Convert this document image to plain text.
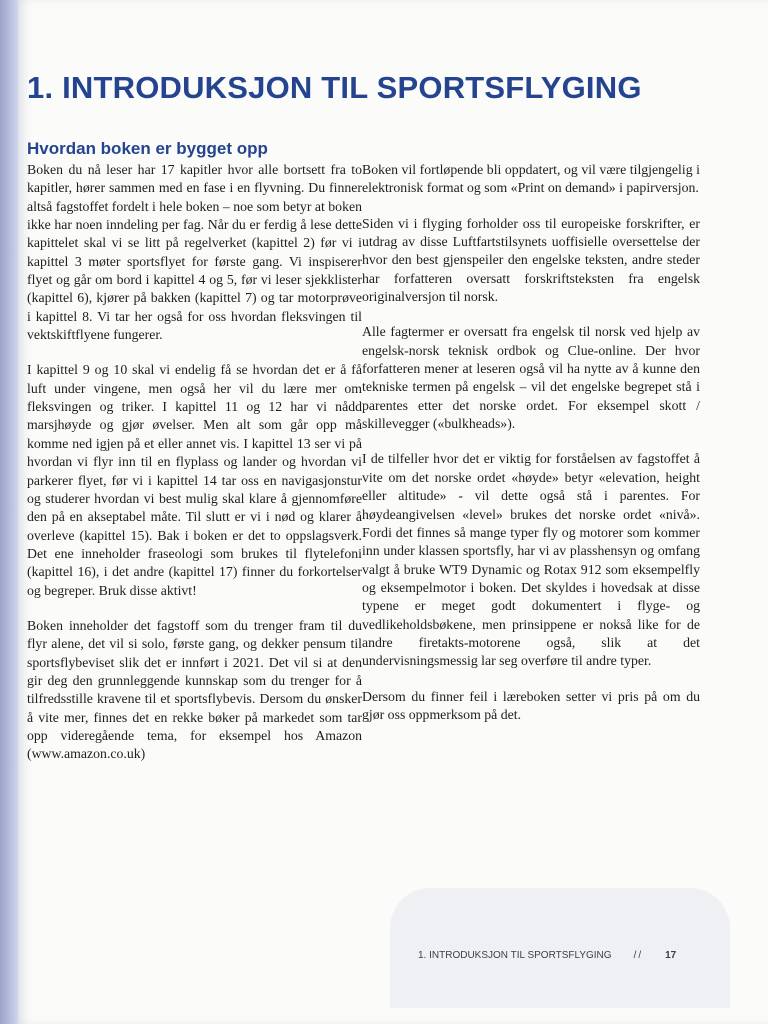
1. INTRODUKSJON TIL SPORTSFLYGING
Hvordan boken er bygget opp

Boken du nå leser har 17 kapitler hvor alle bortsett fra to kapitler, hører sammen med en fase i en flyvning. Du finner altså fagstoffet fordelt i hele boken – noe som betyr at boken ikke har noen inndeling per fag. Når du er ferdig å lese dette kapittelet skal vi se litt på regelverket (kapittel 2) før vi i kapittel 3 møter sportsflyet for første gang. Vi inspiserer flyet og går om bord i kapittel 4 og 5, før vi leser sjekklister (kapittel 6), kjører på bakken (kapittel 7) og tar motorprøve i kapittel 8. Vi tar her også for oss hvordan fleksvingen til vektskiftflyene fungerer.

I kapittel 9 og 10 skal vi endelig få se hvordan det er å få luft under vingene, men også her vil du lære mer om fleksvingen og triker. I kapittel 11 og 12 har vi nådd marsjhøyde og gjør øvelser. Men alt som går opp må komme ned igjen på et eller annet vis. I kapittel 13 ser vi på hvordan vi flyr inn til en flyplass og lander og hvordan vi parkerer flyet, før vi i kapittel 14 tar oss en navigasjonstur og studerer hvordan vi best mulig skal klare å gjennomføre den på en akseptabel måte. Til slutt er vi i nød og klarer å overleve (kapittel 15). Bak i boken er det to oppslagsverk. Det ene inneholder fraseologi som brukes til flytelefoni (kapittel 16), i det andre (kapittel 17) finner du forkortelser og begreper. Bruk disse aktivt!

Boken inneholder det fagstoff som du trenger fram til du flyr alene, det vil si solo, første gang, og dekker pensum til sportsflybeviset slik det er innført i 2021. Det vil si at den gir deg den grunnleggende kunnskap som du trenger for å tilfredsstille kravene til et sportsflybevis. Dersom du ønsker å vite mer, finnes det en rekke bøker på markedet som tar opp videregående tema, for eksempel hos Amazon (www.amazon.co.uk)

Boken vil fortløpende bli oppdatert, og vil være tilgjengelig i elektronisk format og som «Print on demand» i papirversjon.

Siden vi i flyging forholder oss til europeiske forskrifter, er utdrag av disse Luftfartstilsynets uoffisielle oversettelse der hvor den best gjenspeiler den engelske teksten, andre steder har forfatteren oversatt forskriftsteksten fra engelsk originalversjon til norsk.

Alle fagtermer er oversatt fra engelsk til norsk ved hjelp av engelsk-norsk teknisk ordbok og Clue-online. Der hvor forfatteren mener at leseren også vil ha nytte av å kunne den tekniske termen på engelsk – vil det engelske begrepet stå i parentes etter det norske ordet. For eksempel skott / skillevegger («bulkheads»).

I de tilfeller hvor det er viktig for forståelsen av fagstoffet å vite om det norske ordet «høyde» betyr «elevation, height eller altitude» - vil dette også stå i parentes. For høydeangivelsen «level» brukes det norske ordet «nivå». Fordi det finnes så mange typer fly og motorer som kommer inn under klassen sportsfly, har vi av plasshensyn og omfang valgt å bruke WT9 Dynamic og Rotax 912 som eksempelfly og eksempelmotor i boken. Det skyldes i hovedsak at disse typene er meget godt dokumentert i flyge- og vedlikeholdsbøkene, men prinsippene er nokså like for de andre firetakts-motorene også, slik at det undervisningsmessig lar seg overføre til andre typer.

Dersom du finner feil i læreboken setter vi pris på om du gjør oss oppmerksom på det.

1. INTRODUKSJON TIL SPORTSFLYGING // 17
